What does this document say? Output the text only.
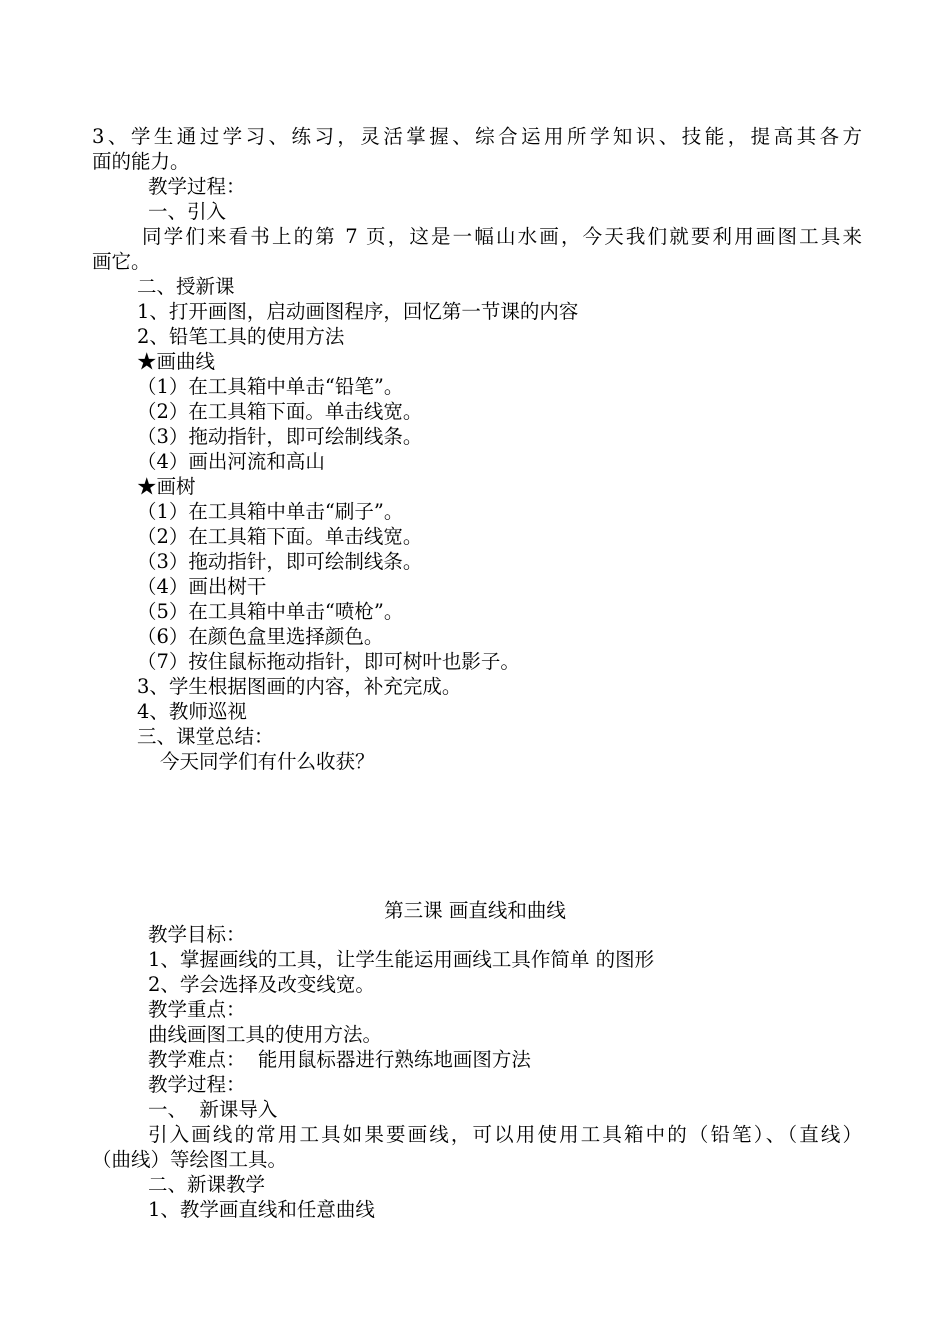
3、学生通过学习、练习，灵活掌握、综合运用所学知识、技能，提高其各方
面的能力。
教学过程：
一、引入
同学们来看书上的第 7 页，这是一幅山水画，今天我们就要利用画图工具来
画它。
二、授新课
1、打开画图，启动画图程序，回忆第一节课的内容
2、铅笔工具的使用方法
★画曲线
（1）在工具箱中单击“铅笔”。
（2）在工具箱下面。单击线宽。
（3）拖动指针，即可绘制线条。
（4）画出河流和高山
★画树
（1）在工具箱中单击“刷子”。
（2）在工具箱下面。单击线宽。
（3）拖动指针，即可绘制线条。
（4）画出树干
（5）在工具箱中单击“喷枪”。
（6）在颜色盒里选择颜色。
（7）按住鼠标拖动指针，即可树叶也影子。
3、学生根据图画的内容，补充完成。
4、教师巡视
三、课堂总结：
今天同学们有什么收获？
第三课 画直线和曲线
教学目标：
1、掌握画线的工具，让学生能运用画线工具作简单 的图形
2、学会选择及改变线宽。
教学重点：
曲线画图工具的使用方法。
教学难点：  能用鼠标器进行熟练地画图方法
教学过程：
一、  新课导入
引入画线的常用工具如果要画线，可以用使用工具箱中的（铅笔）、（直线）
（曲线）等绘图工具。
二、新课教学
1、教学画直线和任意曲线
